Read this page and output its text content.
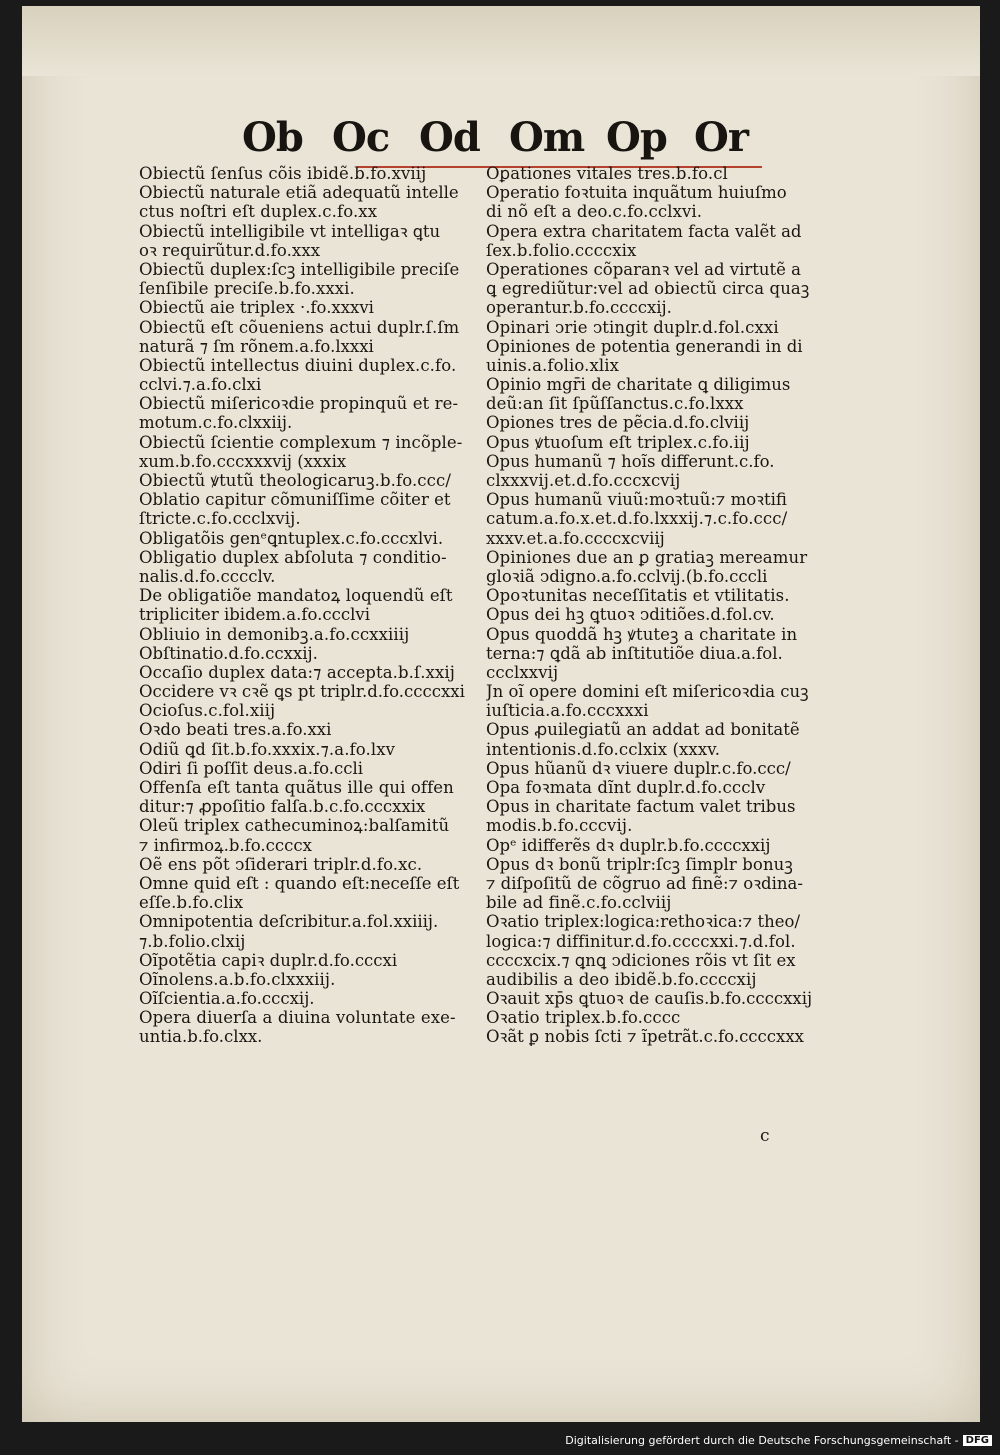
Ob Oc Od Om Op Or
Obiectũ ſenſus cõis ibidẽ.b.fo.xviij
Obiectũ naturale etiã adequatũ intelle
ctus noſtri eſt duplex.c.fo.xx
Obiectũ intelligibile vt intelligaꝛ ꝗtu
oꝛ requirũtur.d.fo.xxx
Obiectũ duplex:ſcꝫ intelligibile preciſe
ſenſibile preciſe.b.fo.xxxi.
Obiectũ aie triplex ·.fo.xxxvi
Obiectũ eſt cõueniens actui duplr.ſ.ſm
naturã ⁊ ſm rõnem.a.fo.lxxxi
Obiectũ intellectus diuini duplex.c.fo.
cclvi.⁊.a.fo.clxi
Obiectũ miſericoꝛdie propinquũ et re-
motum.c.fo.clxxiij.
Obiectũ ſcientie complexum ⁊ incõple-
xum.b.fo.cccxxxvij (xxxix
Obiectũ ꝟtutũ theologicaruꝫ.b.fo.ccc/
Oblatio capitur cõmuniſſime cõiter et
ſtricte.c.fo.ccclxvij.
Obligatõis genᵉꝗntuplex.c.fo.cccxlvi.
Obligatio duplex abſoluta ⁊ conditio-
nalis.d.fo.cccclv.
De obligatiõe mandatoꝝ loquendũ eſt
tripliciter ibidem.a.fo.ccclvi
Obliuio in demonibꝫ.a.fo.ccxxiiij
Obſtinatio.d.fo.ccxxij.
Occaſio duplex data:⁊ accepta.b.ſ.xxij
Occidere vꝛ cꝛẽ ꝗs pt tripl̄r.d.fo.ccccxxi
Ocioſus.c.fol.xiij
Oꝛdo beati tres.a.fo.xxi
Odiũ ꝗd ſit.b.fo.xxxix.⁊.a.fo.lxv
Odiri ſi poſſit deus.a.fo.ccli
Offenſa eſt tanta quãtus ille qui offen
ditur:⁊ ꝓpoſitio falſa.b.c.fo.cccxxix
Oleũ triplex cathecuminoꝝ:balſamitũ
⁊ infirmoꝝ.b.fo.ccccx
Oẽ ens põt ↄſiderari tripl̄r.d.fo.xc.
Omne quid eſt : quando eſt:neceſſe eſt
eſſe.b.fo.clix
Omnipotentia deſcribitur.a.fol.xxiiij.
⁊.b.folio.clxij
Oĩpotẽtia capiꝛ dupl̄r.d.fo.cccxi
Oĩnolens.a.b.fo.clxxxiij.
Oĩſcientia.a.fo.cccxij.
Opera diuerſa a diuina voluntate exe-
untia.b.fo.clxx.
Oꝑationes vitales tres.b.fo.cl
Operatio foꝛtuita inquãtum huiuſmo
di nõ eſt a deo.c.fo.cclxvi.
Opera extra charitatem facta valẽt ad
ſex.b.folio.ccccxix
Operationes cõparanꝛ vel ad virtutẽ a
ꝗ egrediũtur:vel ad obiectũ circa quaꝫ
operantur.b.fo.ccccxij.
Opinari ↄrie ↄtingit dupl̄r.d.fol.cxxi
Opiniones de potentia generandi in di
uinis.a.folio.xlix
Opinio mgr̄i de charitate ꝗ diligimus
deũ:an ſit ſpũſſanctus.c.fo.lxxx
Opiones tres de pẽcia.d.fo.clviij
Opus ꝟtuoſum eſt triplex.c.fo.iij
Opus humanũ ⁊ hoĩs differunt.c.fo.
clxxxvij.et.d.fo.cccxcvij
Opus humanũ viuũ:moꝛtuũ:⁊ moꝛtifi
catum.a.fo.x.et.d.fo.lxxxij.⁊.c.fo.ccc/
xxxv.et.a.fo.ccccxcviij
Opiniones due an ꝑ gratiaꝫ mereamur
gloꝛiã ↄdigno.a.fo.cclvij.(b.fo.cccli
Opoꝛtunitas neceſſitatis et vtilitatis.
Opus dei hꝫ ꝗtuoꝛ ↄditiões.d.fol.cv.
Opus quoddã hꝫ ꝟtuteꝫ a charitate in
terna:⁊ ꝗdã ab inſtitutiõe diua.a.fol.
ccclxxvij
Jn oĩ opere domini eſt miſericoꝛdia cuꝫ
iuſticia.a.fo.cccxxxi
Opus ꝓuilegiatũ an addat ad bonitatẽ
intentionis.d.fo.cclxix (xxxv.
Opus hũanũ dꝛ viuere dupl̄r.c.fo.ccc/
Opa foꝛmata dĩnt dupl̄r.d.fo.ccclv
Opus in charitate factum valet tribus
modis.b.fo.cccvij.
Opᵉ idifferẽs dꝛ dupl̄r.b.fo.ccccxxij
Opus dꝛ bonũ tripl̄r:ſcꝫ ſimpl̄r bonuꝫ
⁊ diſpoſitũ de cõgruo ad finẽ:⁊ oꝛdina-
bile ad finẽ.c.fo.cclviij
Oꝛatio triplex:logica:rethoꝛica:⁊ theo/
logica:⁊ diffinitur.d.fo.ccccxxi.⁊.d.fol.
ccccxcix.⁊ ꝗnꝗ ↄdiciones rõis vt ſit ex
audibilis a deo ibidẽ.b.fo.ccccxij
Oꝛauit xp̄s ꝗtuoꝛ de cauſis.b.fo.ccccxxij
Oꝛatio triplex.b.fo.cccc
Oꝛãt ꝑ nobis ſcti ⁊ ĩpetrãt.c.fo.ccccxxx
c
Digitalisierung gefördert durch die Deutsche Forschungsgemeinschaft - DFG
